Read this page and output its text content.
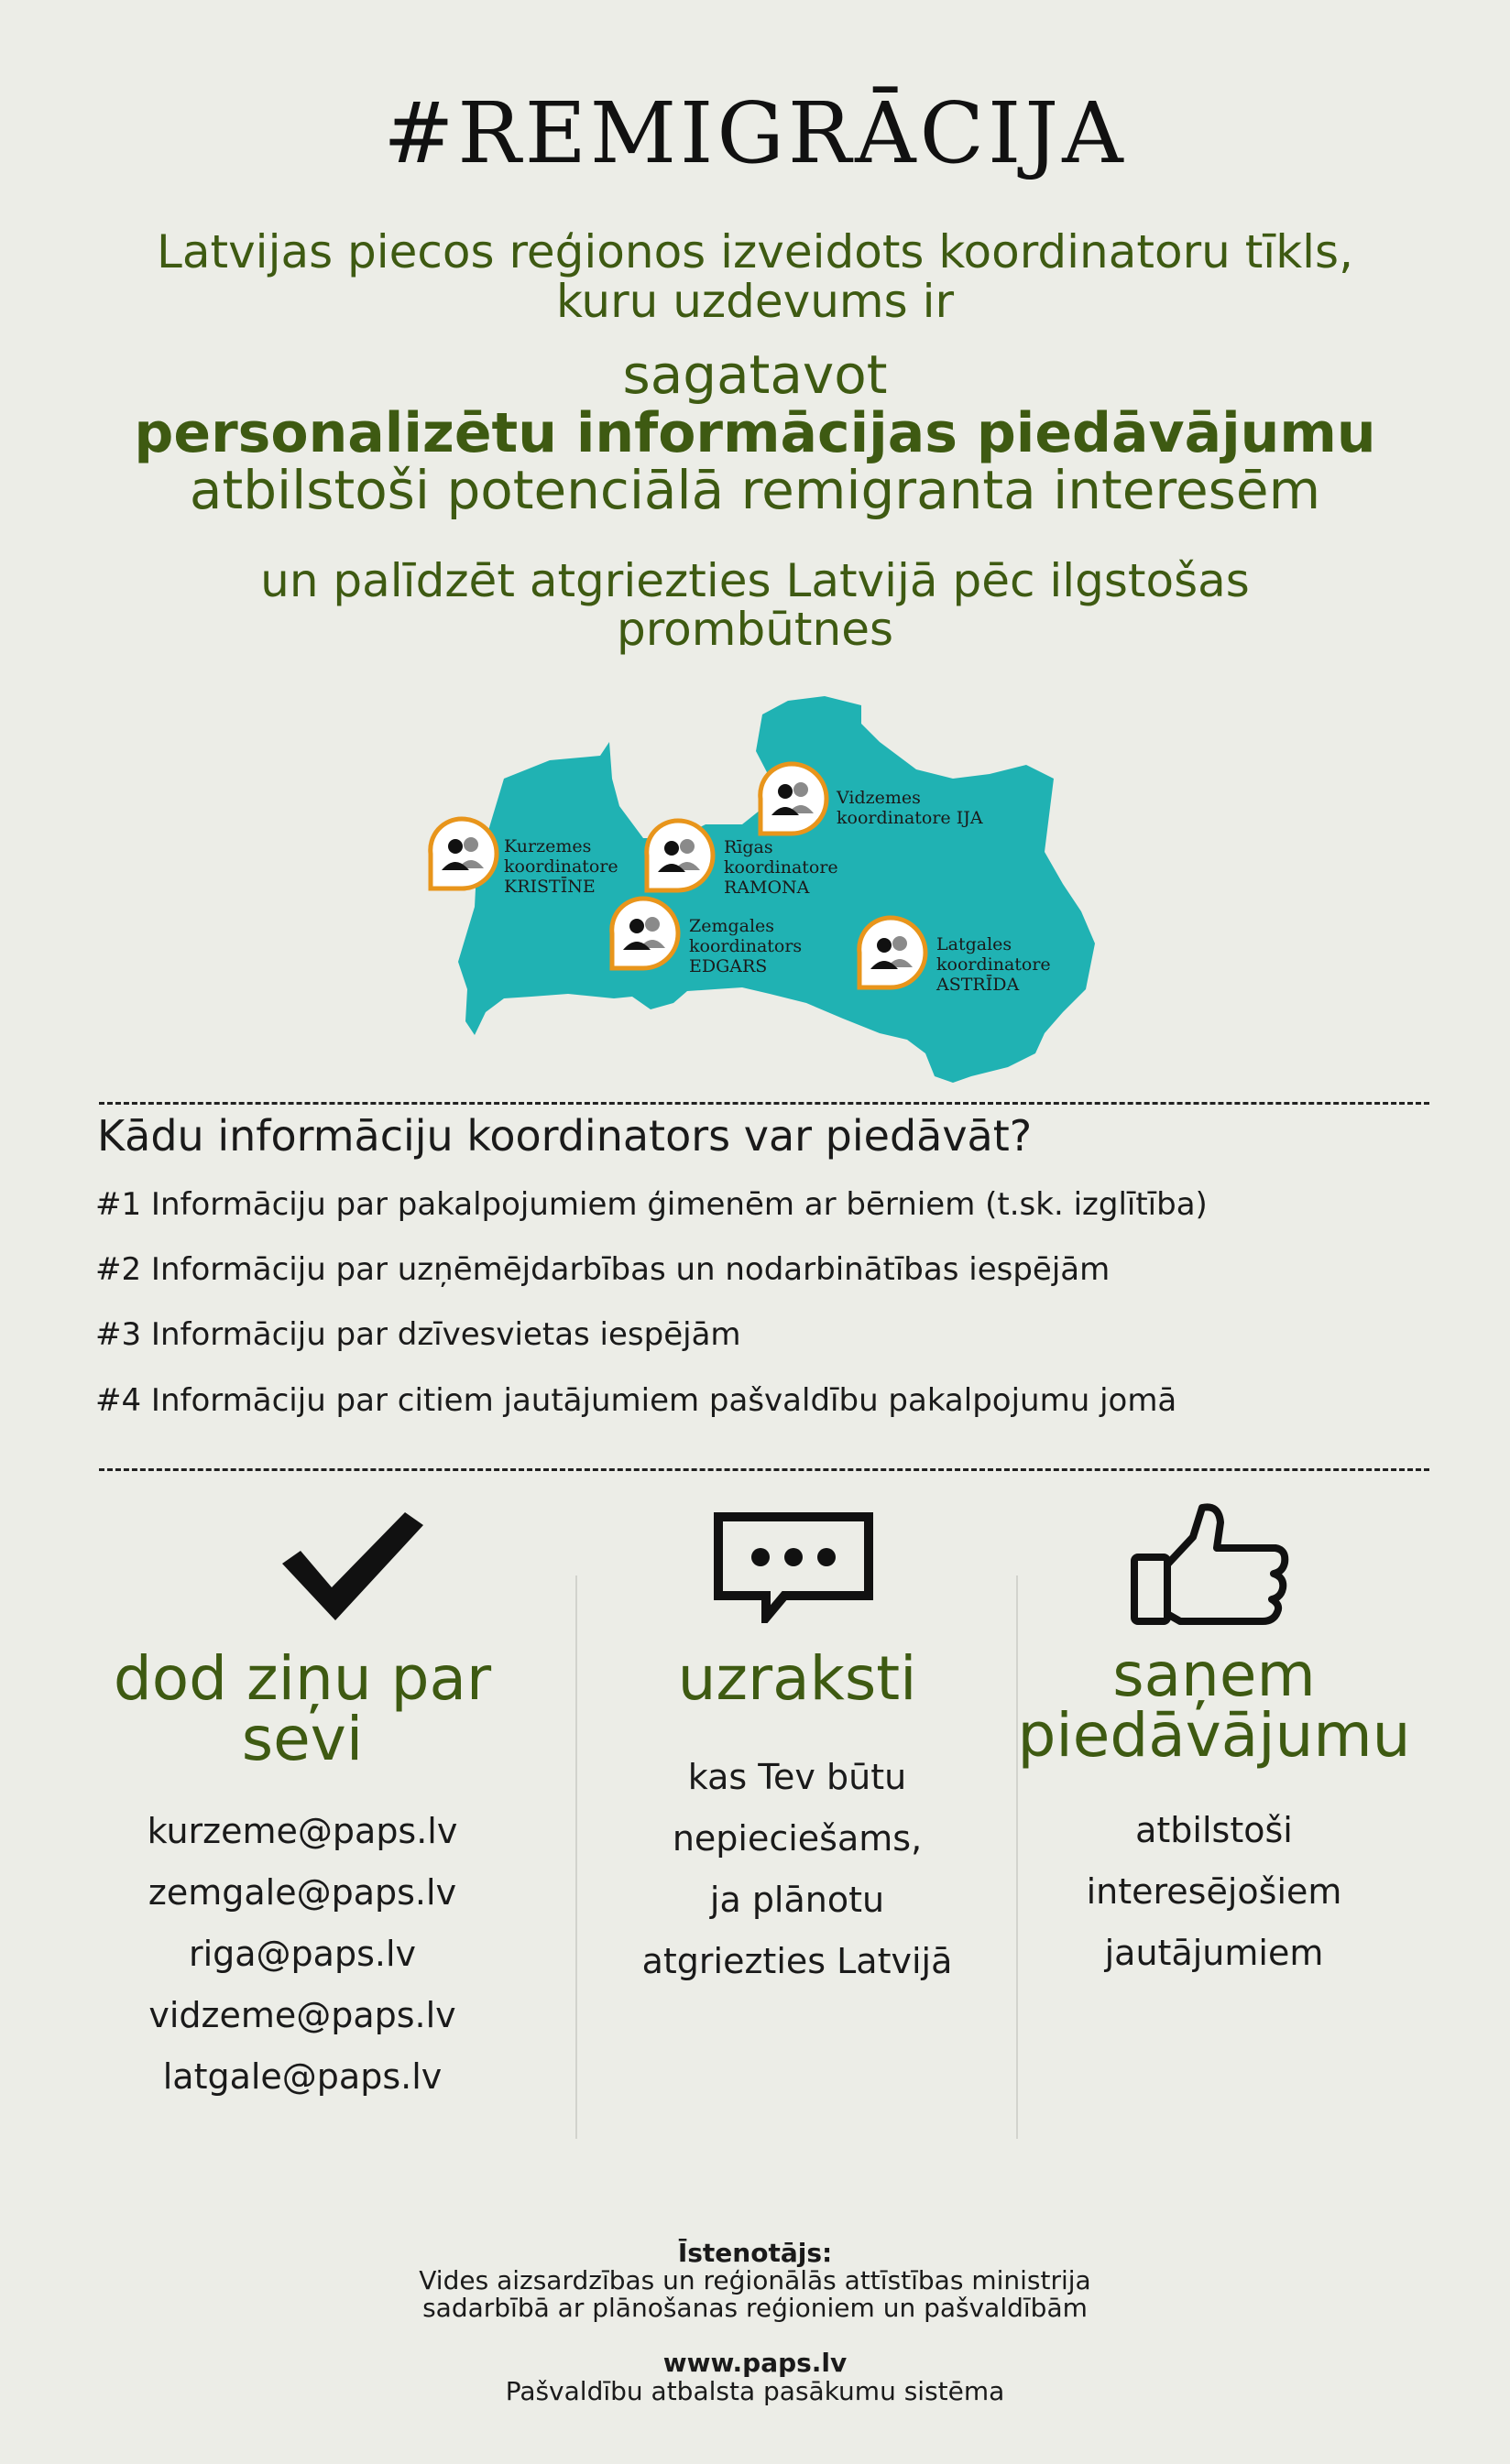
#REMIGRĀCIJA
Latvijas piecos reģionos izveidots koordinatoru tīkls,
kuru uzdevums ir
sagatavot
personalizētu informācijas piedāvājumu
atbilstoši potenciālā remigranta interesēm
un palīdzēt atgriezties Latvijā pēc ilgstošas
prombūtnes
Kurzemes
koordinatore
KRISTĪNE
Rīgas
koordinatore
RAMONA
Vidzemes
koordinatore IJA
Zemgales
koordinators
EDGARS
Latgales
koordinatore
ASTRĪDA
Kādu informāciju koordinators var piedāvāt?
#1 Informāciju par pakalpojumiem ģimenēm ar bērniem (t.sk. izglītība)
#2 Informāciju par uzņēmējdarbības un nodarbinātības iespējām
#3 Informāciju par dzīvesvietas iespējām
#4 Informāciju par citiem jautājumiem pašvaldību pakalpojumu jomā
dod ziņu par
sevi
kurzeme@paps.lv
zemgale@paps.lv
riga@paps.lv
vidzeme@paps.lv
latgale@paps.lv
uzraksti
kas Tev būtu
nepieciešams,
ja plānotu
atgriezties Latvijā
saņem
piedāvājumu
atbilstoši
interesējošiem
jautājumiem
Īstenotājs:
Vides aizsardzības un reģionālās attīstības ministrija
sadarbībā ar plānošanas reģioniem un pašvaldībām
www.paps.lv
Pašvaldību atbalsta pasākumu sistēma
